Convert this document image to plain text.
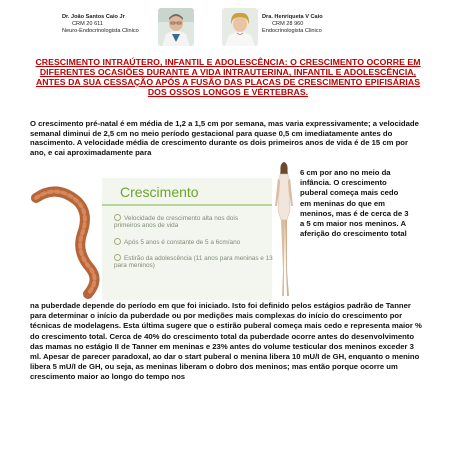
Dr. João Santos Caio Jr
CRM 20 611
Neuro-Endocrinologista Clinico
Dra. Henriqueta V Caio
CRM 28 960
Endocrinologista Clinico
CRESCIMENTO INTRAÚTERO, INFANTIL E ADOLESCÊNCIA: O CRESCIMENTO OCORRE EM DIFERENTES OCASIÕES DURANTE A VIDA INTRAUTERINA, INFANTIL E ADOLESCÊNCIA, ANTES DA SUA CESSAÇÃO APÓS A FUSÃO DAS PLACAS DE CRESCIMENTO EPIFISÁRIAS DOS OSSOS LONGOS E VÉRTEBRAS.

O crescimento pré-natal é em média de 1,2 a 1,5 cm por semana, mas varia expressivamente; a velocidade semanal diminui de 2,5 cm no meio período gestacional para quase 0,5 cm imediatamente antes do nascimento. A velocidade média de crescimento durante os dois primeiros anos de vida é de 15 cm por ano, e cai aproximadamente para

Crescimento
Velocidade de crescimento alta nos dois primeiros anos de vida
Após 5 anos é constante de 5 a 6cm/ano
Estirão da adolescência (11 anos para meninas e 13 para meninos)

6 cm por ano no meio da infância. O crescimento puberal começa mais cedo em meninas do que em meninos, mas é de cerca de 3 a 5 cm maior nos meninos. A aferição do crescimento total

na puberdade depende do período em que foi iniciado. Isto foi definido pelos estágios padrão de Tanner para determinar o início da puberdade ou por medições mais complexas do início do crescimento por técnicas de modelagens. Esta última sugere que o estirão puberal começa mais cedo e representa maior % do crescimento total. Cerca de 40% do crescimento total da puberdade ocorre antes do desenvolvimento das mamas no estágio II de Tanner em meninas e 23% antes do volume testicular dos meninos exceder 3 ml. Apesar de parecer paradoxal, ao dar o start puberal o menina libera 10 mU/I de GH, enquanto o menino libera 5 mU/I de GH, ou seja, as meninas liberam o dobro dos meninos; mas então porque ocorre um crescimento maior ao longo do tempo nos
